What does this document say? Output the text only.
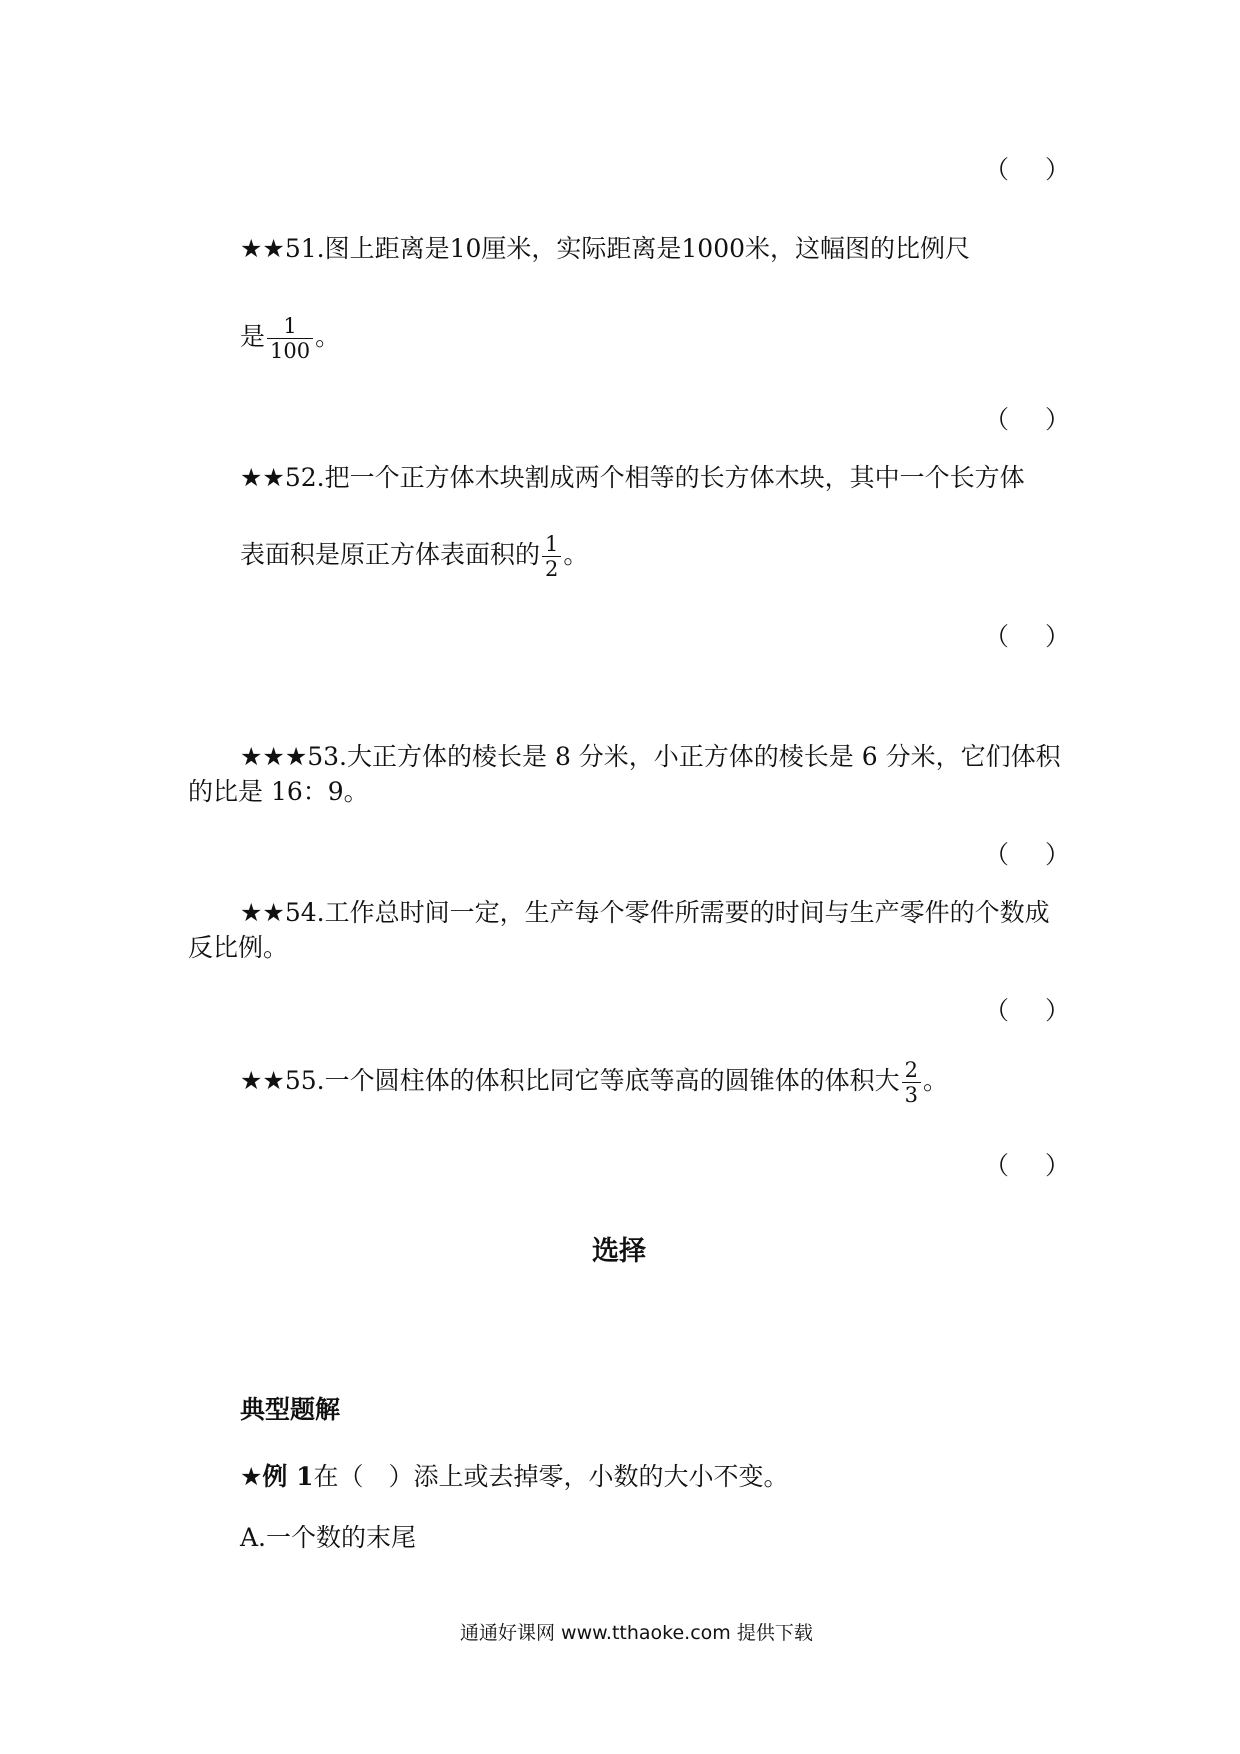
（ ）
★★51.图上距离是10厘米，实际距离是1000米，这幅图的比例尺
是 $\frac{1}{100}$ 。
（ ）
★★52.把一个正方体木块割成两个相等的长方体木块，其中一个长方体
表面积是原正方体表面积的 $\frac{1}{2}$ 。
（ ）
★★★53.大正方体的棱长是 8 分米，小正方体的棱长是 6 分米，它们体积
的比是 16：9。
（ ）
★★54.工作总时间一定，生产每个零件所需要的时间与生产零件的个数成
反比例。
（ ）
★★55.一个圆柱体的体积比同它等底等高的圆锥体的体积大 $\frac{2}{3}$ 。
（ ）
选择
典型题解
★例 1在（　）添上或去掉零，小数的大小不变。
A.一个数的末尾
通通好课网 www.tthaoke.com 提供下载
